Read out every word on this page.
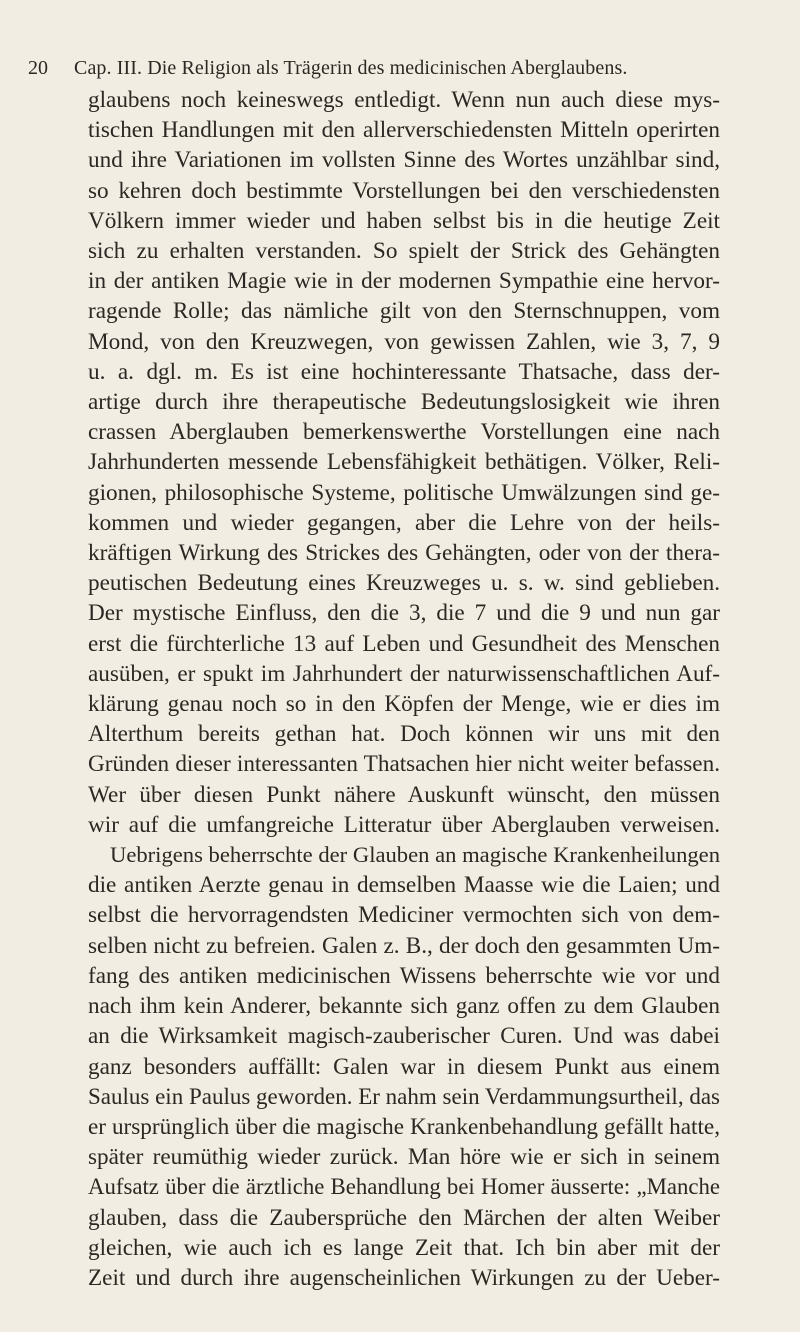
20 Cap. III. Die Religion als Trägerin des medicinischen Aberglaubens.
glaubens noch keineswegs entledigt. Wenn nun auch diese mys-
tischen Handlungen mit den allerverschiedensten Mitteln operirten
und ihre Variationen im vollsten Sinne des Wortes unzählbar sind,
so kehren doch bestimmte Vorstellungen bei den verschiedensten
Völkern immer wieder und haben selbst bis in die heutige Zeit
sich zu erhalten verstanden. So spielt der Strick des Gehängten
in der antiken Magie wie in der modernen Sympathie eine hervor-
ragende Rolle; das nämliche gilt von den Sternschnuppen, vom
Mond, von den Kreuzwegen, von gewissen Zahlen, wie 3, 7, 9
u. a. dgl. m. Es ist eine hochinteressante Thatsache, dass der-
artige durch ihre therapeutische Bedeutungslosigkeit wie ihren
crassen Aberglauben bemerkenswerthe Vorstellungen eine nach
Jahrhunderten messende Lebensfähigkeit bethätigen. Völker, Reli-
gionen, philosophische Systeme, politische Umwälzungen sind ge-
kommen und wieder gegangen, aber die Lehre von der heils-
kräftigen Wirkung des Strickes des Gehängten, oder von der thera-
peutischen Bedeutung eines Kreuzweges u. s. w. sind geblieben.
Der mystische Einfluss, den die 3, die 7 und die 9 und nun gar
erst die fürchterliche 13 auf Leben und Gesundheit des Menschen
ausüben, er spukt im Jahrhundert der naturwissenschaftlichen Auf-
klärung genau noch so in den Köpfen der Menge, wie er dies im
Alterthum bereits gethan hat. Doch können wir uns mit den
Gründen dieser interessanten Thatsachen hier nicht weiter befassen.
Wer über diesen Punkt nähere Auskunft wünscht, den müssen
wir auf die umfangreiche Litteratur über Aberglauben verweisen.
Uebrigens beherrschte der Glauben an magische Krankenheilungen
die antiken Aerzte genau in demselben Maasse wie die Laien; und
selbst die hervorragendsten Mediciner vermochten sich von dem-
selben nicht zu befreien. Galen z. B., der doch den gesammten Um-
fang des antiken medicinischen Wissens beherrschte wie vor und
nach ihm kein Anderer, bekannte sich ganz offen zu dem Glauben
an die Wirksamkeit magisch-zauberischer Curen. Und was dabei
ganz besonders auffällt: Galen war in diesem Punkt aus einem
Saulus ein Paulus geworden. Er nahm sein Verdammungsurtheil, das
er ursprünglich über die magische Krankenbehandlung gefällt hatte,
später reumüthig wieder zurück. Man höre wie er sich in seinem
Aufsatz über die ärztliche Behandlung bei Homer äusserte: „Manche
glauben, dass die Zaubersprüche den Märchen der alten Weiber
gleichen, wie auch ich es lange Zeit that. Ich bin aber mit der
Zeit und durch ihre augenscheinlichen Wirkungen zu der Ueber-
